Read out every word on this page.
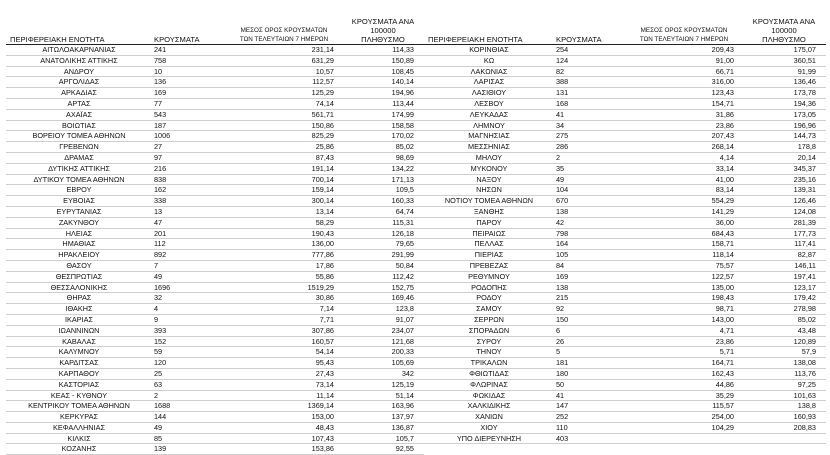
ΠΕΡΙΦΕΡΕΙΑΚΗ ΕΝΟΤΗΤΑ	ΚΡΟΥΣΜΑΤΑ	ΜΕΣΟΣ ΟΡΟΣ ΚΡΟΥΣΜΑΤΩΝ
ΤΩΝ ΤΕΛΕΥΤΑΙΩΝ 7 ΗΜΕΡΩΝ	ΚΡΟΥΣΜΑΤΑ ΑΝΑ 100000
ΠΛΗΘΥΣΜΟ
ΑΙΤΩΛΟΑΚΑΡΝΑΝΙΑΣ	241	231,14	114,33
ΑΝΑΤΟΛΙΚΗΣ ΑΤΤΙΚΗΣ	758	631,29	150,89
ΑΝΔΡΟΥ	10	10,57	108,45
ΑΡΓΟΛΙΔΑΣ	136	112,57	140,14
ΑΡΚΑΔΙΑΣ	169	125,29	194,96
ΑΡΤΑΣ	77	74,14	113,44
ΑΧΑΪΑΣ	543	561,71	174,99
ΒΟΙΩΤΙΑΣ	187	150,86	158,58
ΒΟΡΕΙΟΥ ΤΟΜΕΑ ΑΘΗΝΩΝ	1006	825,29	170,02
ΓΡΕΒΕΝΩΝ	27	25,86	85,02
ΔΡΑΜΑΣ	97	87,43	98,69
ΔΥΤΙΚΗΣ ΑΤΤΙΚΗΣ	216	191,14	134,22
ΔΥΤΙΚΟΥ ΤΟΜΕΑ ΑΘΗΝΩΝ	838	700,14	171,13
ΕΒΡΟΥ	162	159,14	109,5
ΕΥΒΟΙΑΣ	338	300,14	160,33
ΕΥΡΥΤΑΝΙΑΣ	13	13,14	64,74
ΖΑΚΥΝΘΟΥ	47	58,29	115,31
ΗΛΕΙΑΣ	201	190,43	126,18
ΗΜΑΘΙΑΣ	112	136,00	79,65
ΗΡΑΚΛΕΙΟΥ	892	777,86	291,99
ΘΑΣΟΥ	7	17,86	50,84
ΘΕΣΠΡΩΤΙΑΣ	49	55,86	112,42
ΘΕΣΣΑΛΟΝΙΚΗΣ	1696	1519,29	152,75
ΘΗΡΑΣ	32	30,86	169,46
ΙΘΑΚΗΣ	4	7,14	123,8
ΙΚΑΡΙΑΣ	9	7,71	91,07
ΙΩΑΝΝΙΝΩΝ	393	307,86	234,07
ΚΑΒΑΛΑΣ	152	160,57	121,68
ΚΑΛΥΜΝΟΥ	59	54,14	200,33
ΚΑΡΔΙΤΣΑΣ	120	95,43	105,69
ΚΑΡΠΑΘΟΥ	25	27,43	342
ΚΑΣΤΟΡΙΑΣ	63	73,14	125,19
ΚΕΑΣ - ΚΥΘΝΟΥ	2	11,14	51,14
ΚΕΝΤΡΙΚΟΥ ΤΟΜΕΑ ΑΘΗΝΩΝ	1688	1369,14	163,96
ΚΕΡΚΥΡΑΣ	144	153,00	137,97
ΚΕΦΑΛΛΗΝΙΑΣ	49	48,43	136,87
ΚΙΛΚΙΣ	85	107,43	105,7
ΚΟΖΑΝΗΣ	139	153,86	92,55
ΠΕΡΙΦΕΡΕΙΑΚΗ ΕΝΟΤΗΤΑ	ΚΡΟΥΣΜΑΤΑ	ΜΕΣΟΣ ΟΡΟΣ ΚΡΟΥΣΜΑΤΩΝ
ΤΩΝ ΤΕΛΕΥΤΑΙΩΝ 7 ΗΜΕΡΩΝ	ΚΡΟΥΣΜΑΤΑ ΑΝΑ 100000
ΠΛΗΘΥΣΜΟ
ΚΟΡΙΝΘΙΑΣ	254	209,43	175,07
ΚΩ	124	91,00	360,51
ΛΑΚΩΝΙΑΣ	82	66,71	91,99
ΛΑΡΙΣΑΣ	388	316,00	136,46
ΛΑΣΙΘΙΟΥ	131	123,43	173,78
ΛΕΣΒΟΥ	168	154,71	194,36
ΛΕΥΚΑΔΑΣ	41	31,86	173,05
ΛΗΜΝΟΥ	34	23,86	196,96
ΜΑΓΝΗΣΙΑΣ	275	207,43	144,73
ΜΕΣΣΗΝΙΑΣ	286	268,14	178,8
ΜΗΛΟΥ	2	4,14	20,14
ΜΥΚΟΝΟΥ	35	33,14	345,37
ΝΑΞΟΥ	49	41,00	235,16
ΝΗΣΩΝ	104	83,14	139,31
ΝΟΤΙΟΥ ΤΟΜΕΑ ΑΘΗΝΩΝ	670	554,29	126,46
ΞΑΝΘΗΣ	138	141,29	124,08
ΠΑΡΟΥ	42	36,00	281,39
ΠΕΙΡΑΙΩΣ	798	684,43	177,73
ΠΕΛΛΑΣ	164	158,71	117,41
ΠΙΕΡΙΑΣ	105	118,14	82,87
ΠΡΕΒΕΖΑΣ	84	75,57	146,11
ΡΕΘΥΜΝΟΥ	169	122,57	197,41
ΡΟΔΟΠΗΣ	138	135,00	123,17
ΡΟΔΟΥ	215	198,43	179,42
ΣΑΜΟΥ	92	98,71	278,98
ΣΕΡΡΩΝ	150	143,00	85,02
ΣΠΟΡΑΔΩΝ	6	4,71	43,48
ΣΥΡΟΥ	26	23,86	120,89
ΤΗΝΟΥ	5	5,71	57,9
ΤΡΙΚΑΛΩΝ	181	164,71	138,08
ΦΘΙΩΤΙΔΑΣ	180	162,43	113,76
ΦΛΩΡΙΝΑΣ	50	44,86	97,25
ΦΩΚΙΔΑΣ	41	35,29	101,63
ΧΑΛΚΙΔΙΚΗΣ	147	115,57	138,8
ΧΑΝΙΩΝ	252	254,00	160,93
ΧΙΟΥ	110	104,29	208,83
ΥΠΟ ΔΙΕΡΕΥΝΗΣΗ	403		
